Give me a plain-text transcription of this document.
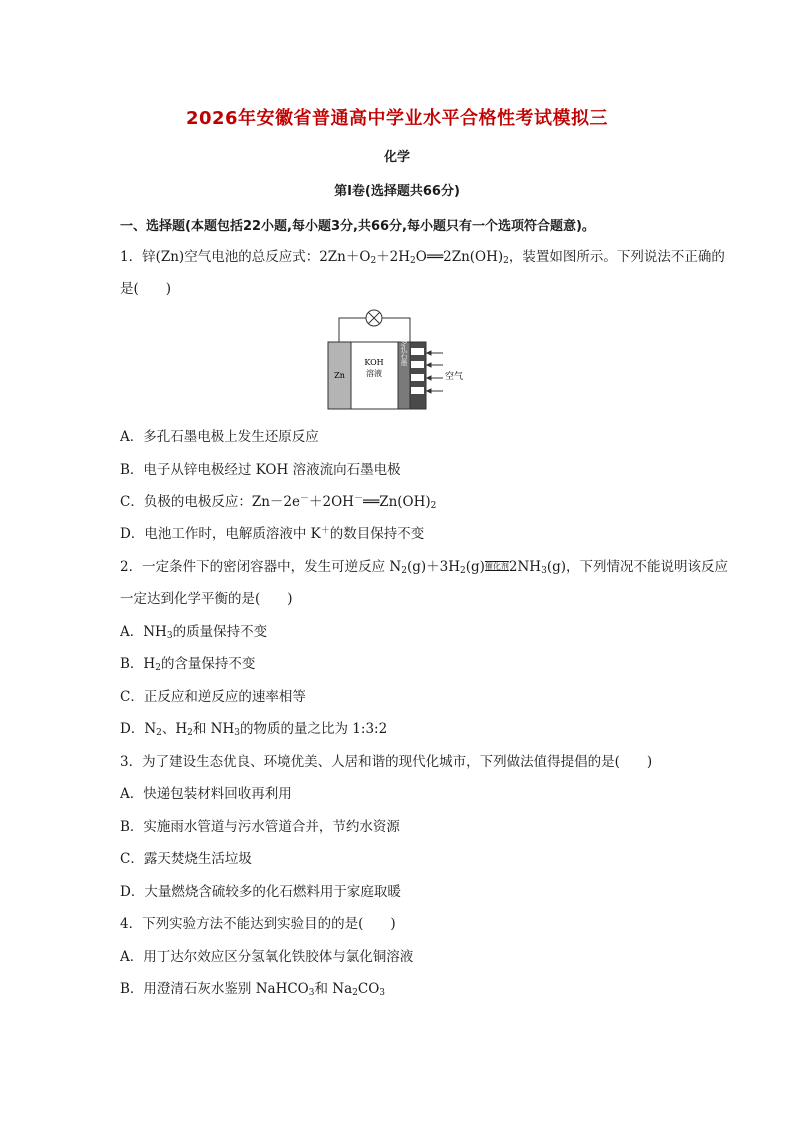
2026年安徽省普通高中学业水平合格性考试模拟三
化学
第Ⅰ卷(选择题共66分)
一、选择题(本题包括22小题,每小题3分,共66分,每小题只有一个选项符合题意)。
1．锌(Zn)空气电池的总反应式：$2Zn+O_2+2H_2O══2Zn(OH)_2$，装置如图所示。下列说法不正确的
是(　　)
Zn
KOH
溶液
多孔石墨
空气
A．多孔石墨电极上发生还原反应
B．电子从锌电极经过 KOH 溶液流向石墨电极
C．负极的电极反应：$Zn-2e^-+2OH^-══Zn(OH)_2$
D．电池工作时，电解质溶液中 K＋的数目保持不变
2．一定条件下的密闭容器中，发生可逆反应 $N_2(g)+3H_2(g)$催化剂$2NH_3(g)$，下列情况不能说明该反应
一定达到化学平衡的是(　　)
A．$NH_3$的质量保持不变
B．$H_2$的含量保持不变
C．正反应和逆反应的速率相等
D．$N_2$、$H_2$和 $NH_3$的物质的量之比为 1:3:2
3．为了建设生态优良、环境优美、人居和谐的现代化城市，下列做法值得提倡的是(　　)
A．快递包装材料回收再利用
B．实施雨水管道与污水管道合并，节约水资源
C．露天焚烧生活垃圾
D．大量燃烧含硫较多的化石燃料用于家庭取暖
4．下列实验方法不能达到实验目的的是(　　)
A．用丁达尔效应区分氢氧化铁胶体与氯化铜溶液
B．用澄清石灰水鉴别 NaHCO$_3$和 $Na_2CO_3$
